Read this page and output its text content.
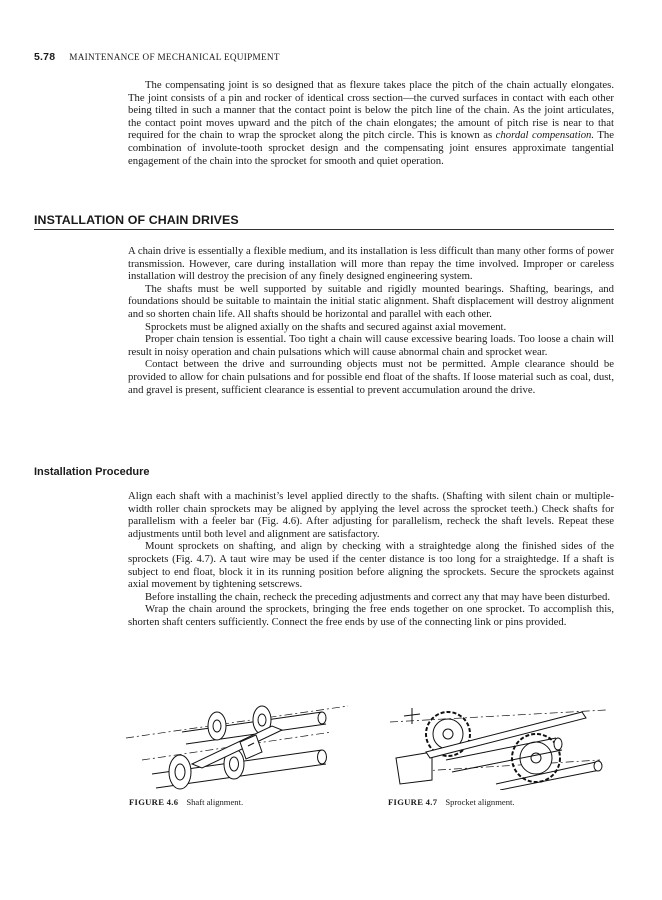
5.78 MAINTENANCE OF MECHANICAL EQUIPMENT

The compensating joint is so designed that as flexure takes place the pitch of the chain actually elongates. The joint consists of a pin and rocker of identical cross section—the curved surfaces in contact with each other being tilted in such a manner that the contact point is below the pitch line of the chain. As the joint articulates, the contact point moves upward and the pitch of the chain elongates; the amount of pitch rise is near to that required for the chain to wrap the sprocket along the pitch circle. This is known as chordal compensation. The combination of involute-tooth sprocket design and the compensating joint ensures approximate tangential engagement of the chain into the sprocket for smooth and quiet operation.

INSTALLATION OF CHAIN DRIVES

A chain drive is essentially a flexible medium, and its installation is less difficult than many other forms of power transmission. However, care during installation will more than repay the time involved. Improper or careless installation will destroy the precision of any finely designed engineering system.

The shafts must be well supported by suitable and rigidly mounted bearings. Shafting, bearings, and foundations should be suitable to maintain the initial static alignment. Shaft displacement will destroy alignment and so shorten chain life. All shafts should be horizontal and parallel with each other.

Sprockets must be aligned axially on the shafts and secured against axial movement.

Proper chain tension is essential. Too tight a chain will cause excessive bearing loads. Too loose a chain will result in noisy operation and chain pulsations which will cause abnormal chain and sprocket wear.

Contact between the drive and surrounding objects must not be permitted. Ample clearance should be provided to allow for chain pulsations and for possible end float of the shafts. If loose material such as coal, dust, and gravel is present, sufficient clearance is essential to prevent accumulation around the drive.

Installation Procedure

Align each shaft with a machinist’s level applied directly to the shafts. (Shafting with silent chain or multiple-width roller chain sprockets may be aligned by applying the level across the sprocket teeth.) Check shafts for parallelism with a feeler bar (Fig. 4.6). After adjusting for parallelism, recheck the shaft levels. Repeat these adjustments until both level and alignment are satisfactory.

Mount sprockets on shafting, and align by checking with a straightedge along the finished sides of the sprockets (Fig. 4.7). A taut wire may be used if the center distance is too long for a straightedge. If a shaft is subject to end float, block it in its running position before aligning the sprockets. Secure the sprockets against axial movement by tightening setscrews.

Before installing the chain, recheck the preceding adjustments and correct any that may have been disturbed.

Wrap the chain around the sprockets, bringing the free ends together on one sprocket. To accomplish this, shorten shaft centers sufficiently. Connect the free ends by use of the connecting link or pins provided.

FIGURE 4.6 Shaft alignment.	FIGURE 4.7 Sprocket alignment.
